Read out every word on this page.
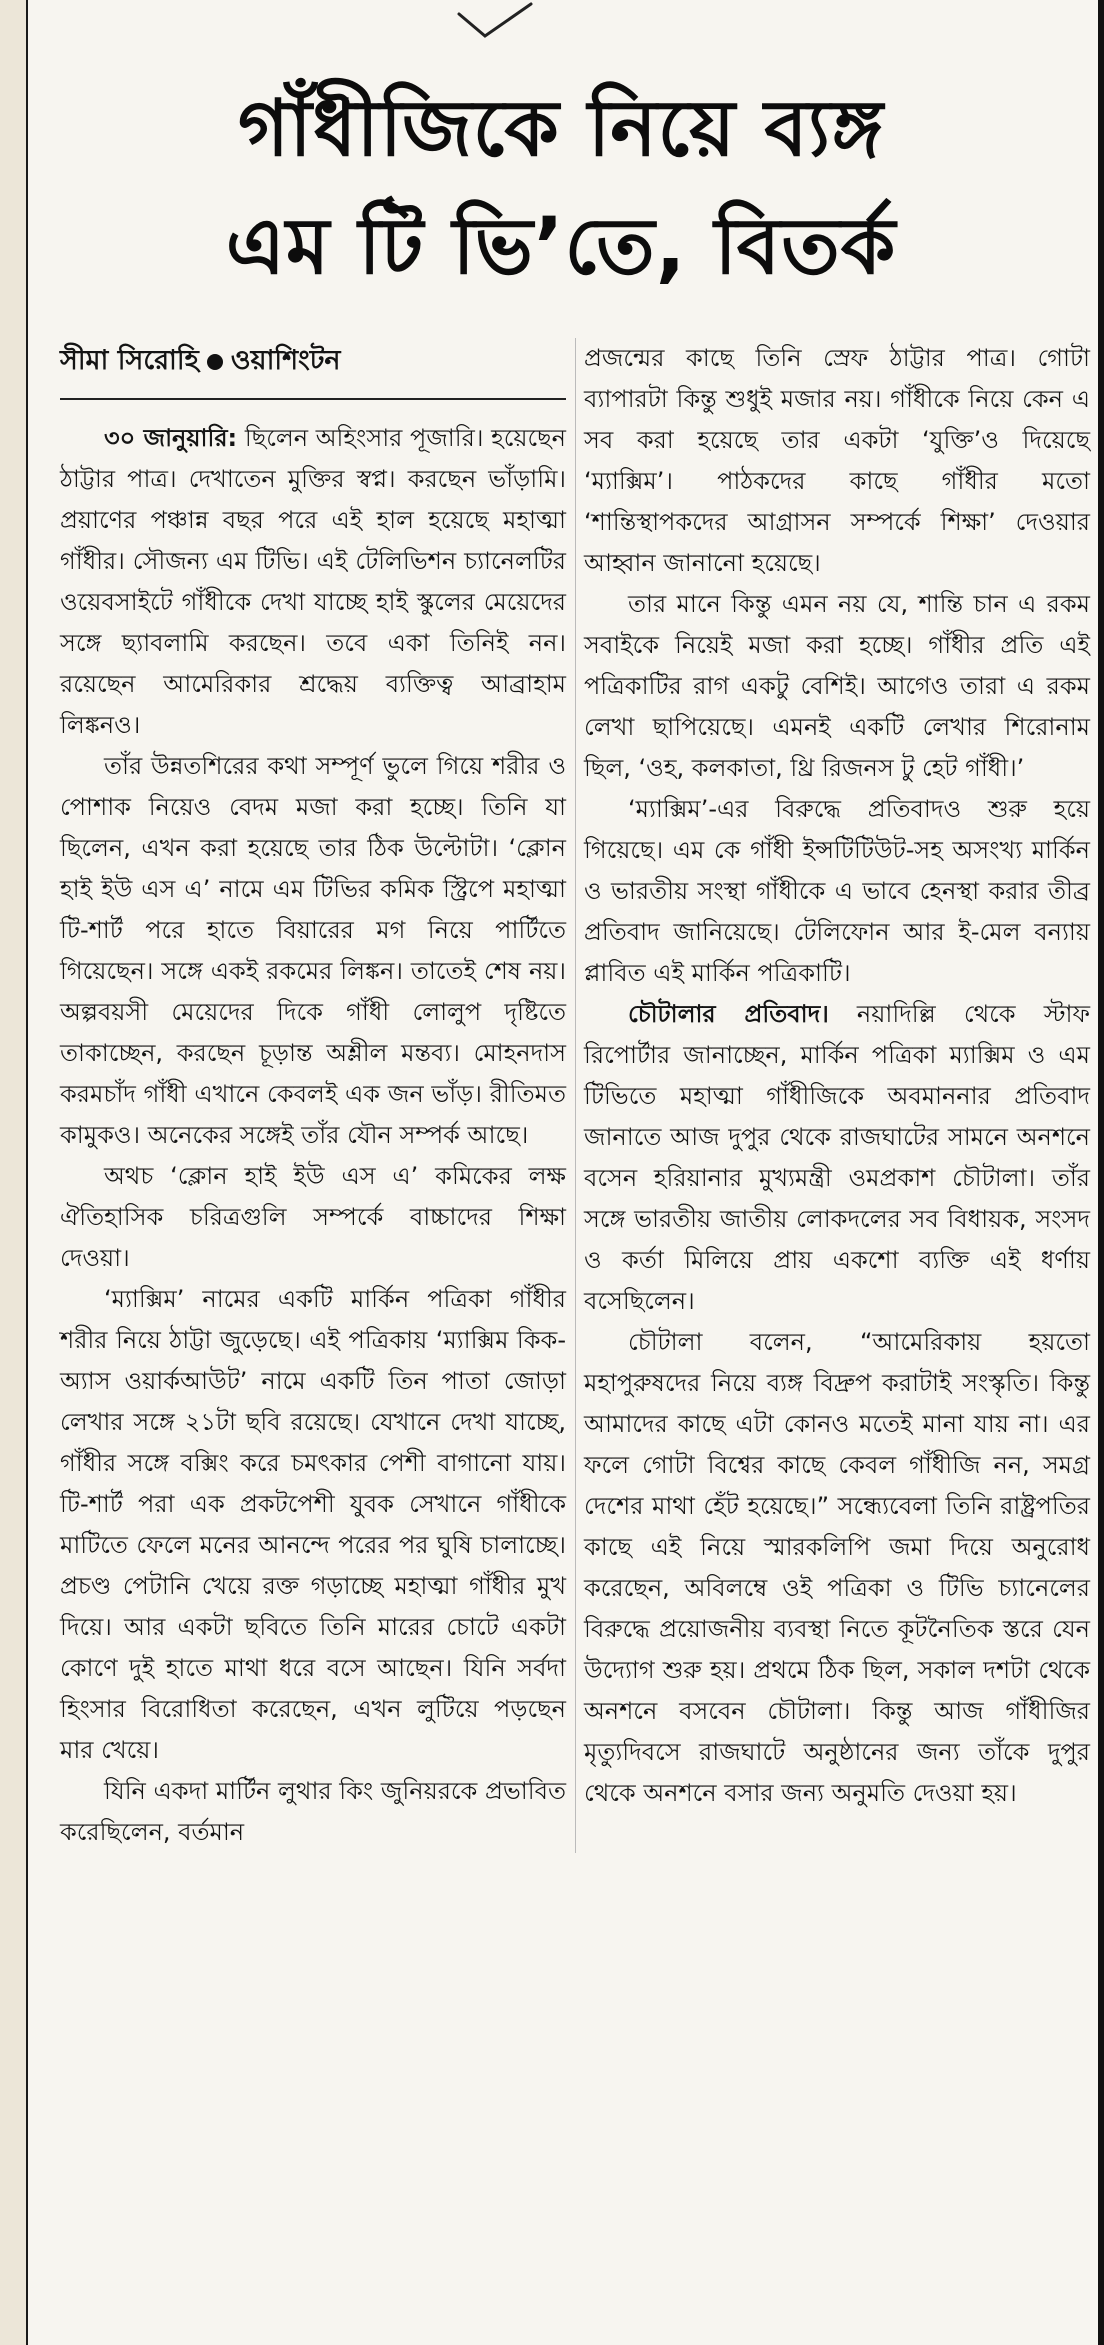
গাঁধীজিকে নিয়ে ব্যঙ্গ
এম টি ভি’তে, বিতর্ক
সীমা সিরোহি ওয়াশিংটন

৩০ জানুয়ারি: ছিলেন অহিংসার পূজারি। হয়েছেন ঠাট্টার পাত্র। দেখাতেন মুক্তির স্বপ্ন। করছেন ভাঁড়ামি। প্রয়াণের পঞ্চান্ন বছর পরে এই হাল হয়েছে মহাত্মা গাঁধীর। সৌজন্য এম টিভি। এই টেলিভিশন চ্যানেলটির ওয়েবসাইটে গাঁধীকে দেখা যাচ্ছে হাই স্কুলের মেয়েদের সঙ্গে ছ্যাবলামি করছেন। তবে একা তিনিই নন। রয়েছেন আমেরিকার শ্রদ্ধেয় ব্যক্তিত্ব আব্রাহাম লিঙ্কনও।

তাঁর উন্নতশিরের কথা সম্পূর্ণ ভুলে গিয়ে শরীর ও পোশাক নিয়েও বেদম মজা করা হচ্ছে। তিনি যা ছিলেন, এখন করা হয়েছে তার ঠিক উল্টোটা। ‘ক্লোন হাই ইউ এস এ’ নামে এম টিভির কমিক স্ট্রিপে মহাত্মা টি-শার্ট পরে হাতে বিয়ারের মগ নিয়ে পার্টিতে গিয়েছেন। সঙ্গে একই রকমের লিঙ্কন। তাতেই শেষ নয়। অল্পবয়সী মেয়েদের দিকে গাঁধী লোলুপ দৃষ্টিতে তাকাচ্ছেন, করছেন চূড়ান্ত অশ্লীল মন্তব্য। মোহনদাস করমচাঁদ গাঁধী এখানে কেবলই এক জন ভাঁড়। রীতিমত কামুকও। অনেকের সঙ্গেই তাঁর যৌন সম্পর্ক আছে।

অথচ ‘ক্লোন হাই ইউ এস এ’ কমিকের লক্ষ ঐতিহাসিক চরিত্রগুলি সম্পর্কে বাচ্চাদের শিক্ষা দেওয়া।

‘ম্যাক্সিম’ নামের একটি মার্কিন পত্রিকা গাঁধীর শরীর নিয়ে ঠাট্টা জুড়েছে। এই পত্রিকায় ‘ম্যাক্সিম কিক-অ্যাস ওয়ার্কআউট’ নামে একটি তিন পাতা জোড়া লেখার সঙ্গে ২১টা ছবি রয়েছে। যেখানে দেখা যাচ্ছে, গাঁধীর সঙ্গে বক্সিং করে চমৎকার পেশী বাগানো যায়। টি-শার্ট পরা এক প্রকটপেশী যুবক সেখানে গাঁধীকে মাটিতে ফেলে মনের আনন্দে পরের পর ঘুষি চালাচ্ছে। প্রচণ্ড পেটানি খেয়ে রক্ত গড়াচ্ছে মহাত্মা গাঁধীর মুখ দিয়ে। আর একটা ছবিতে তিনি মারের চোটে একটা কোণে দুই হাতে মাথা ধরে বসে আছেন। যিনি সর্বদা হিংসার বিরোধিতা করেছেন, এখন লুটিয়ে পড়ছেন মার খেয়ে।

যিনি একদা মার্টিন লুথার কিং জুনিয়রকে প্রভাবিত করেছিলেন, বর্তমান

প্রজন্মের কাছে তিনি স্রেফ ঠাট্টার পাত্র। গোটা ব্যাপারটা কিন্তু শুধুই মজার নয়। গাঁধীকে নিয়ে কেন এ সব করা হয়েছে তার একটা ‘যুক্তি’ও দিয়েছে ‘ম্যাক্সিম’। পাঠকদের কাছে গাঁধীর মতো ‘শান্তিস্থাপকদের আগ্রাসন সম্পর্কে শিক্ষা’ দেওয়ার আহ্বান জানানো হয়েছে।

তার মানে কিন্তু এমন নয় যে, শান্তি চান এ রকম সবাইকে নিয়েই মজা করা হচ্ছে। গাঁধীর প্রতি এই পত্রিকাটির রাগ একটু বেশিই। আগেও তারা এ রকম লেখা ছাপিয়েছে। এমনই একটি লেখার শিরোনাম ছিল, ‘ওহ, কলকাতা, থ্রি রিজনস টু হেট গাঁধী।’

‘ম্যাক্সিম’-এর বিরুদ্ধে প্রতিবাদও শুরু হয়ে গিয়েছে। এম কে গাঁধী ইন্সটিটিউট-সহ অসংখ্য মার্কিন ও ভারতীয় সংস্থা গাঁধীকে এ ভাবে হেনস্থা করার তীব্র প্রতিবাদ জানিয়েছে। টেলিফোন আর ই-মেল বন্যায় প্লাবিত এই মার্কিন পত্রিকাটি।

চৌটালার প্রতিবাদ। নয়াদিল্লি থেকে স্টাফ রিপোর্টার জানাচ্ছেন, মার্কিন পত্রিকা ম্যাক্সিম ও এম টিভিতে মহাত্মা গাঁধীজিকে অবমাননার প্রতিবাদ জানাতে আজ দুপুর থেকে রাজঘাটের সামনে অনশনে বসেন হরিয়ানার মুখ্যমন্ত্রী ওমপ্রকাশ চৌটালা। তাঁর সঙ্গে ভারতীয় জাতীয় লোকদলের সব বিধায়ক, সংসদ ও কর্তা মিলিয়ে প্রায় একশো ব্যক্তি এই ধর্ণায় বসেছিলেন।

চৌটালা বলেন, “আমেরিকায় হয়তো মহাপুরুষদের নিয়ে ব্যঙ্গ বিদ্রুপ করাটাই সংস্কৃতি। কিন্তু আমাদের কাছে এটা কোনও মতেই মানা যায় না। এর ফলে গোটা বিশ্বের কাছে কেবল গাঁধীজি নন, সমগ্র দেশের মাথা হেঁট হয়েছে।” সন্ধ্যেবেলা তিনি রাষ্ট্রপতির কাছে এই নিয়ে স্মারকলিপি জমা দিয়ে অনুরোধ করেছেন, অবিলম্বে ওই পত্রিকা ও টিভি চ্যানেলের বিরুদ্ধে প্রয়োজনীয় ব্যবস্থা নিতে কূটনৈতিক স্তরে যেন উদ্যোগ শুরু হয়। প্রথমে ঠিক ছিল, সকাল দশটা থেকে অনশনে বসবেন চৌটালা। কিন্তু আজ গাঁধীজির মৃত্যুদিবসে রাজঘাটে অনুষ্ঠানের জন্য তাঁকে দুপুর থেকে অনশনে বসার জন্য অনুমতি দেওয়া হয়।
